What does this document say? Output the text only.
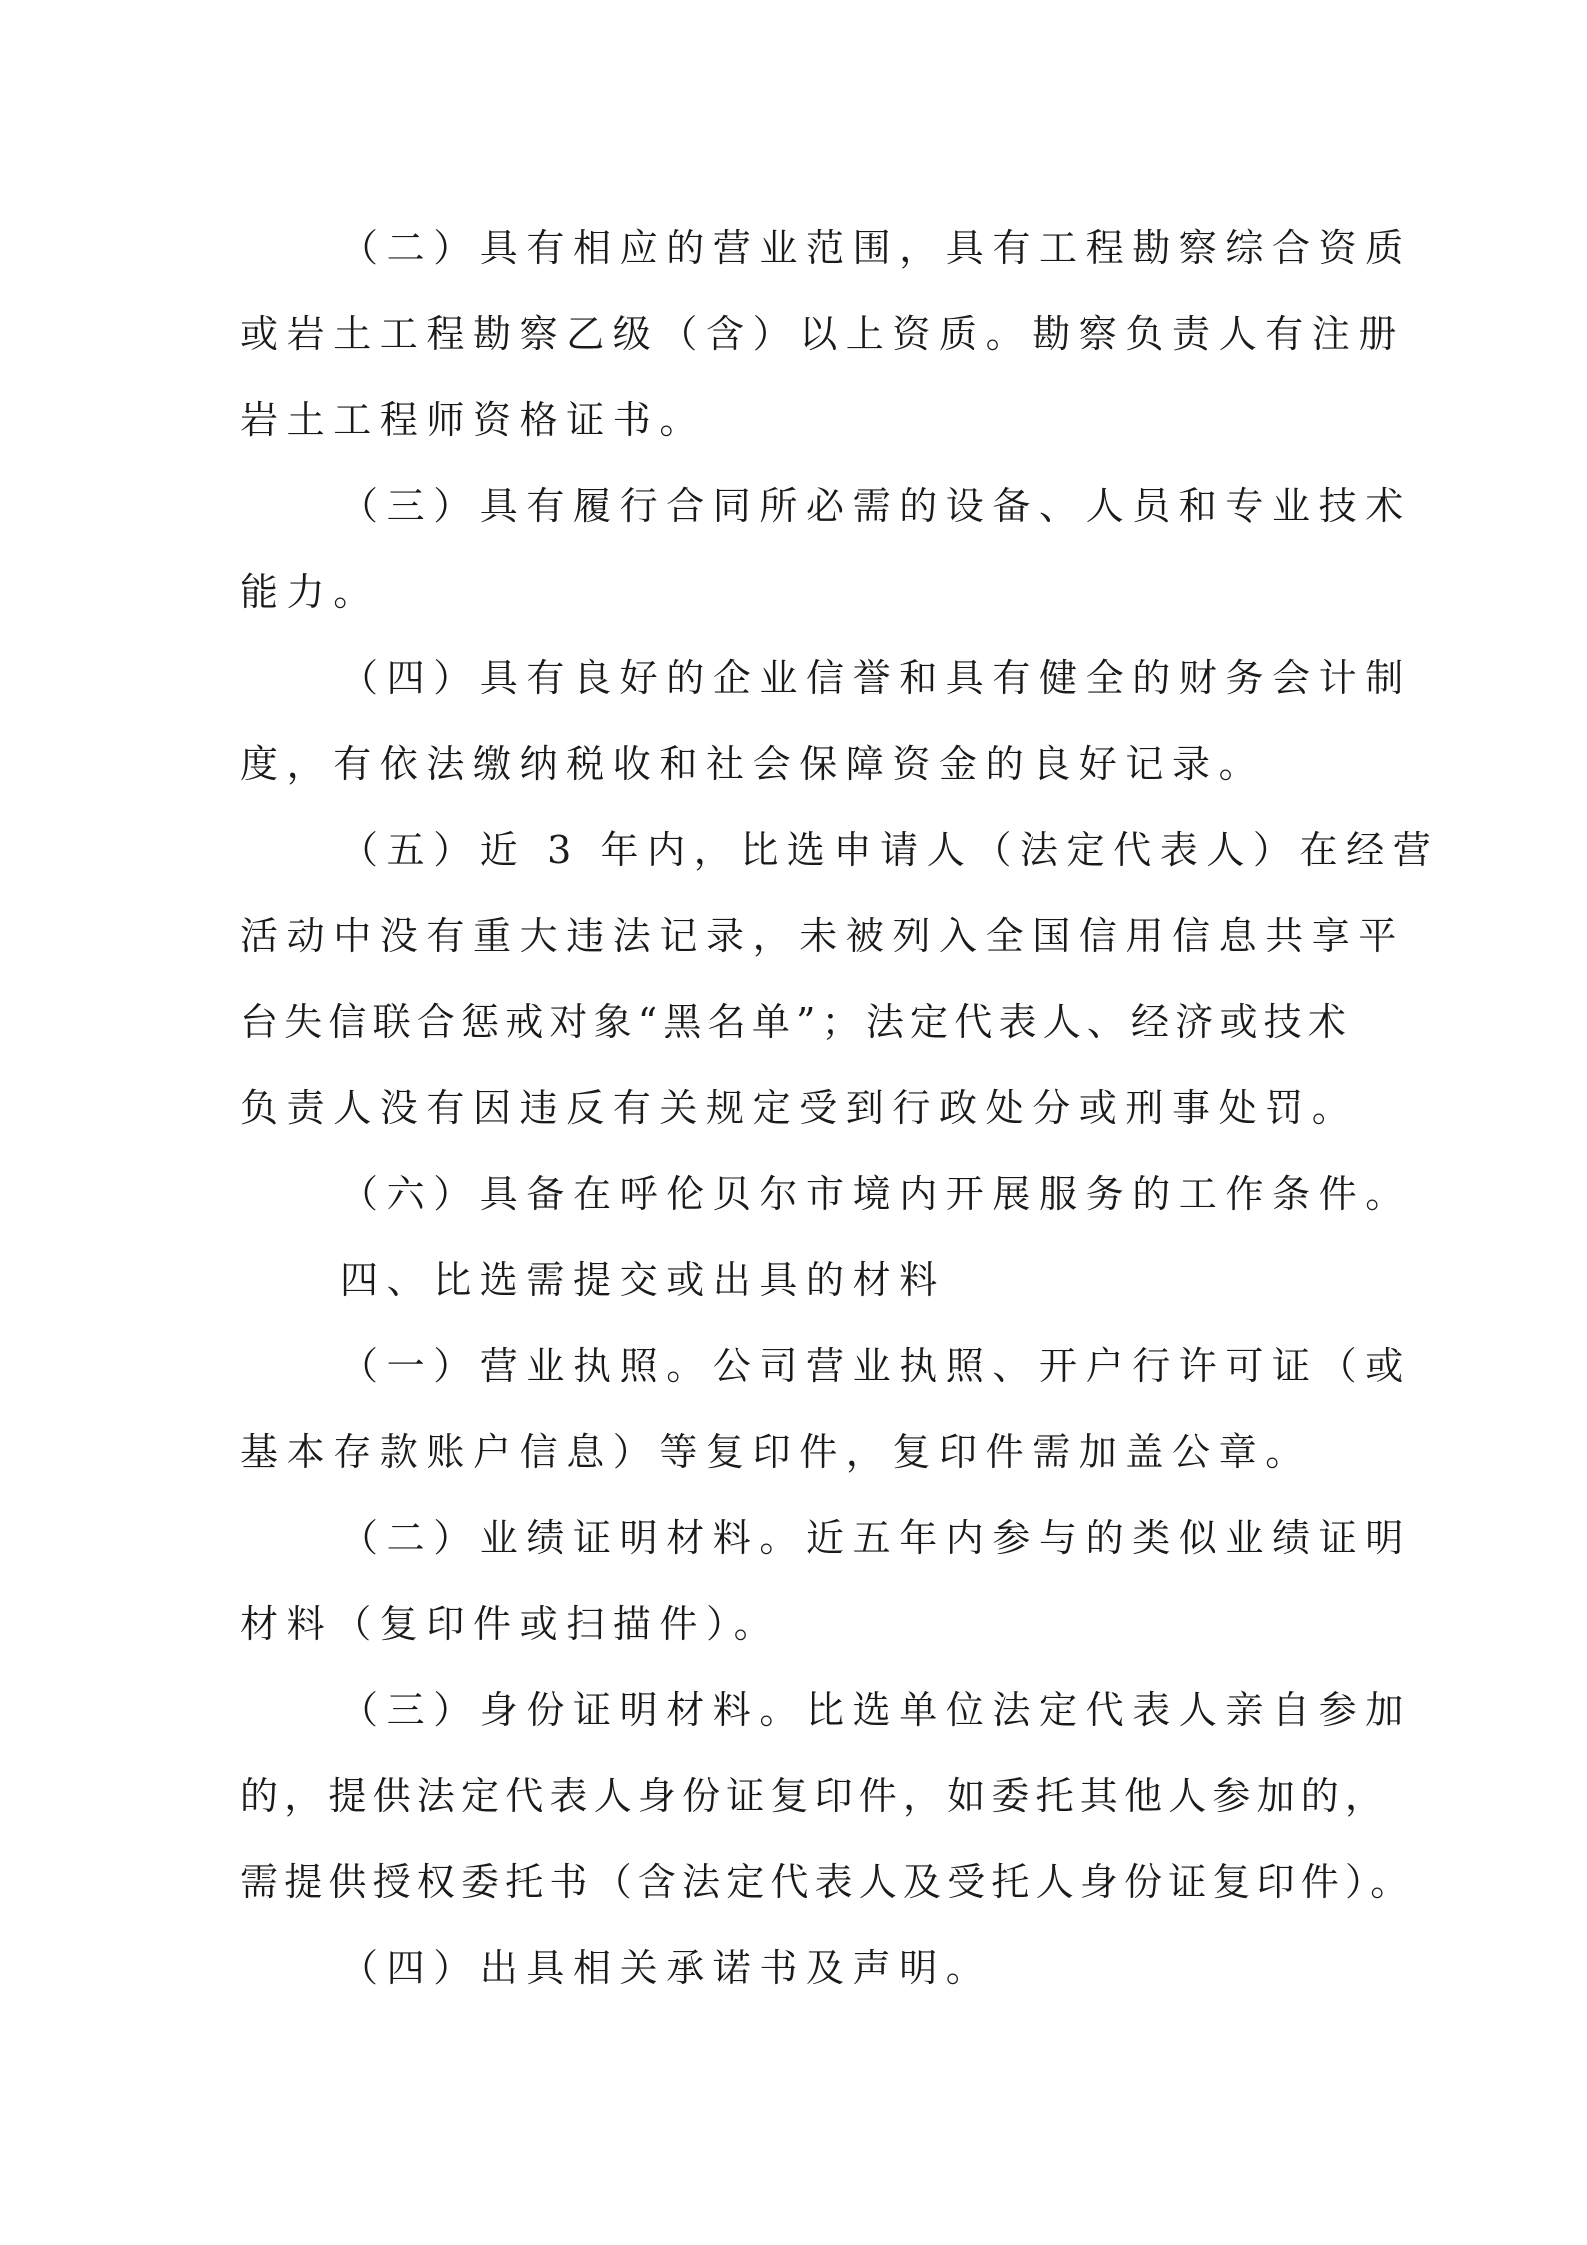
（二）具有相应的营业范围，具有工程勘察综合资质
或岩土工程勘察乙级（含）以上资质。勘察负责人有注册
岩土工程师资格证书。
（三）具有履行合同所必需的设备、人员和专业技术
能力。
（四）具有良好的企业信誉和具有健全的财务会计制
度，有依法缴纳税收和社会保障资金的良好记录。
（五）近 3 年内，比选申请人（法定代表人）在经营
活动中没有重大违法记录，未被列入全国信用信息共享平
台失信联合惩戒对象“黑名单”；法定代表人、经济或技术
负责人没有因违反有关规定受到行政处分或刑事处罚。
（六）具备在呼伦贝尔市境内开展服务的工作条件。
四、比选需提交或出具的材料
（一）营业执照。公司营业执照、开户行许可证（或
基本存款账户信息）等复印件，复印件需加盖公章。
（二）业绩证明材料。近五年内参与的类似业绩证明
材料（复印件或扫描件）。
（三）身份证明材料。比选单位法定代表人亲自参加
的，提供法定代表人身份证复印件，如委托其他人参加的，
需提供授权委托书（含法定代表人及受托人身份证复印件）。
（四）出具相关承诺书及声明。
